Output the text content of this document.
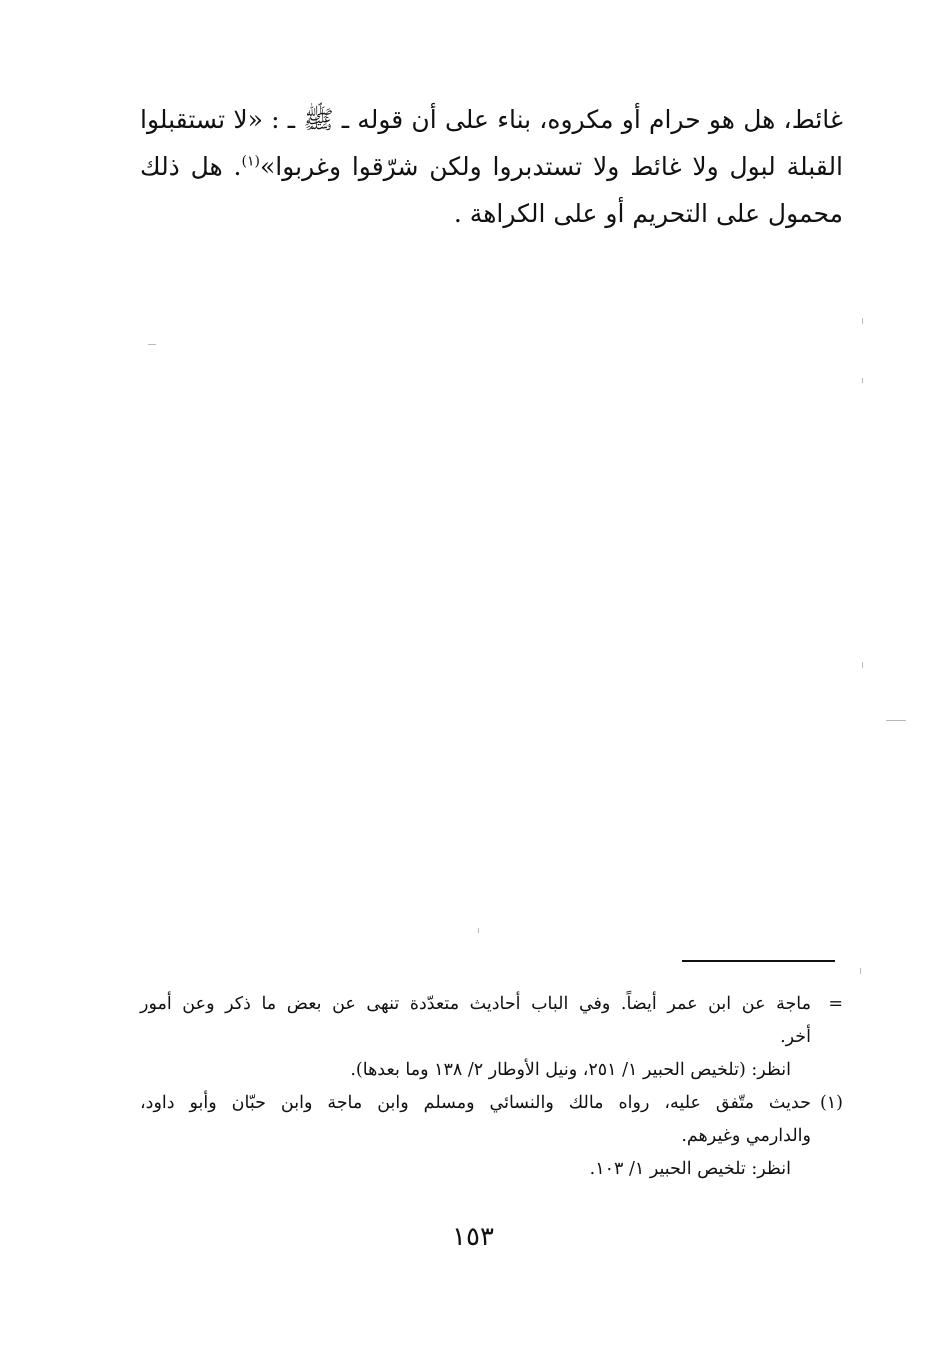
غائط، هل هو حرام أو مكروه، بناء على أن قوله ـ ﷺ ـ : «لا تستقبلوا القبلة لبول ولا غائط ولا تستدبروا ولكن شرّقوا وغربوا»$^{(١)}$. هل ذلك محمول على التحريم أو على الكراهة .

=
ماجة عن ابن عمر أيضاً. وفي الباب أحاديث متعدّدة تنهى عن بعض ما ذكر وعن أمور
أخر.
انظر: (تلخيص الحبير ١/ ٢٥١، ونيل الأوطار ٢/ ١٣٨ وما بعدها).
(١)
حديث متّفق عليه، رواه مالك والنسائي ومسلم وابن ماجة وابن حبّان وأبو داود،
والدارمي وغيرهم.
انظر: تلخيص الحبير ١/ ١٠٣.
١٥٣
